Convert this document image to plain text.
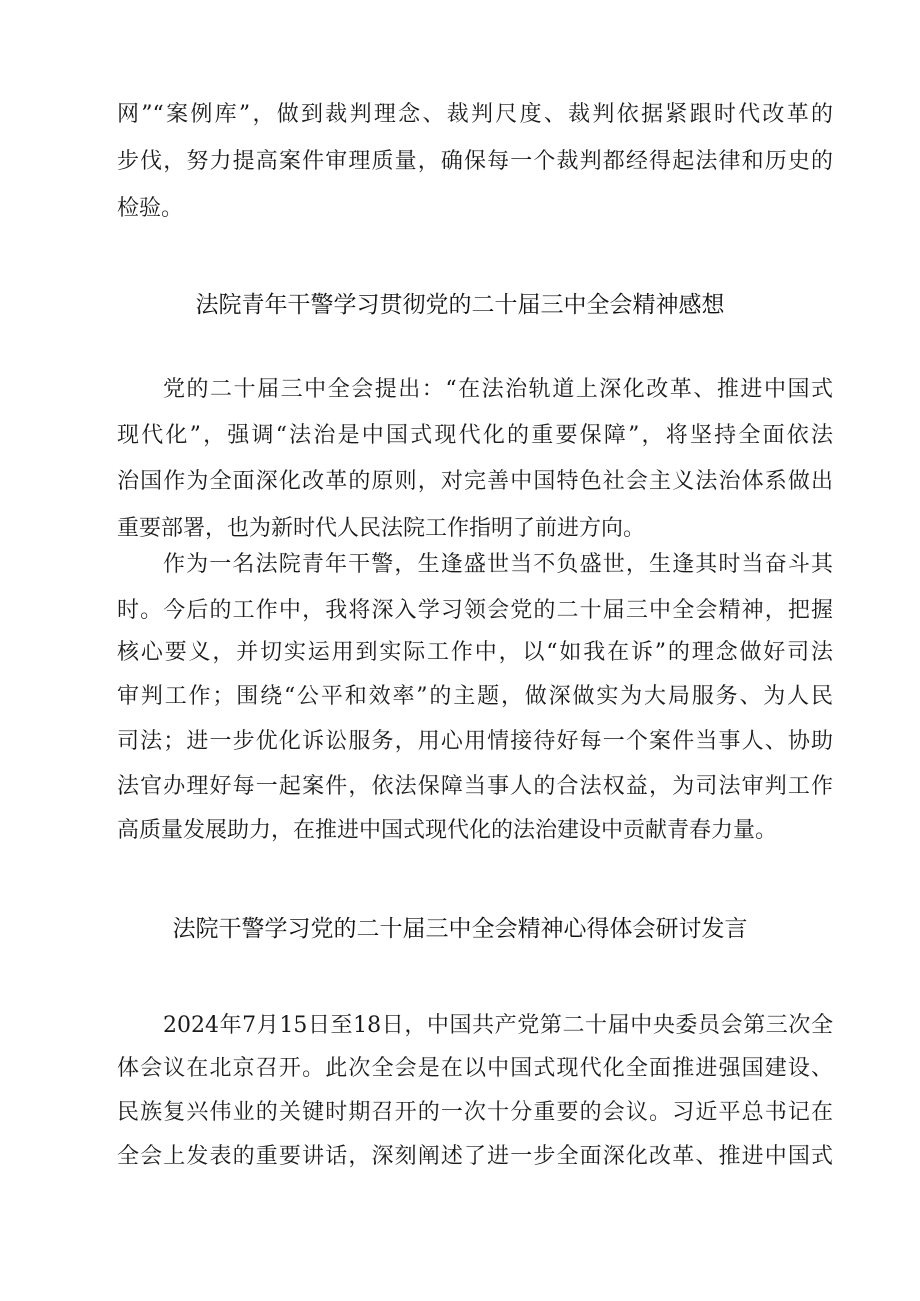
网”“案例库”，做到裁判理念、裁判尺度、裁判依据紧跟时代改革的
步伐，努力提高案件审理质量，确保每一个裁判都经得起法律和历史的
检验。
法院青年干警学习贯彻党的二十届三中全会精神感想
党的二十届三中全会提出：“在法治轨道上深化改革、推进中国式
现代化”，强调“法治是中国式现代化的重要保障”，将坚持全面依法
治国作为全面深化改革的原则，对完善中国特色社会主义法治体系做出
重要部署，也为新时代人民法院工作指明了前进方向。
作为一名法院青年干警，生逢盛世当不负盛世，生逢其时当奋斗其
时。今后的工作中，我将深入学习领会党的二十届三中全会精神，把握
核心要义，并切实运用到实际工作中，以“如我在诉”的理念做好司法
审判工作；围绕“公平和效率”的主题，做深做实为大局服务、为人民
司法；进一步优化诉讼服务，用心用情接待好每一个案件当事人、协助
法官办理好每一起案件，依法保障当事人的合法权益，为司法审判工作
高质量发展助力，在推进中国式现代化的法治建设中贡献青春力量。
法院干警学习党的二十届三中全会精神心得体会研讨发言
2024年7月15日至18日，中国共产党第二十届中央委员会第三次全
体会议在北京召开。此次全会是在以中国式现代化全面推进强国建设、
民族复兴伟业的关键时期召开的一次十分重要的会议。习近平总书记在
全会上发表的重要讲话，深刻阐述了进一步全面深化改革、推进中国式
